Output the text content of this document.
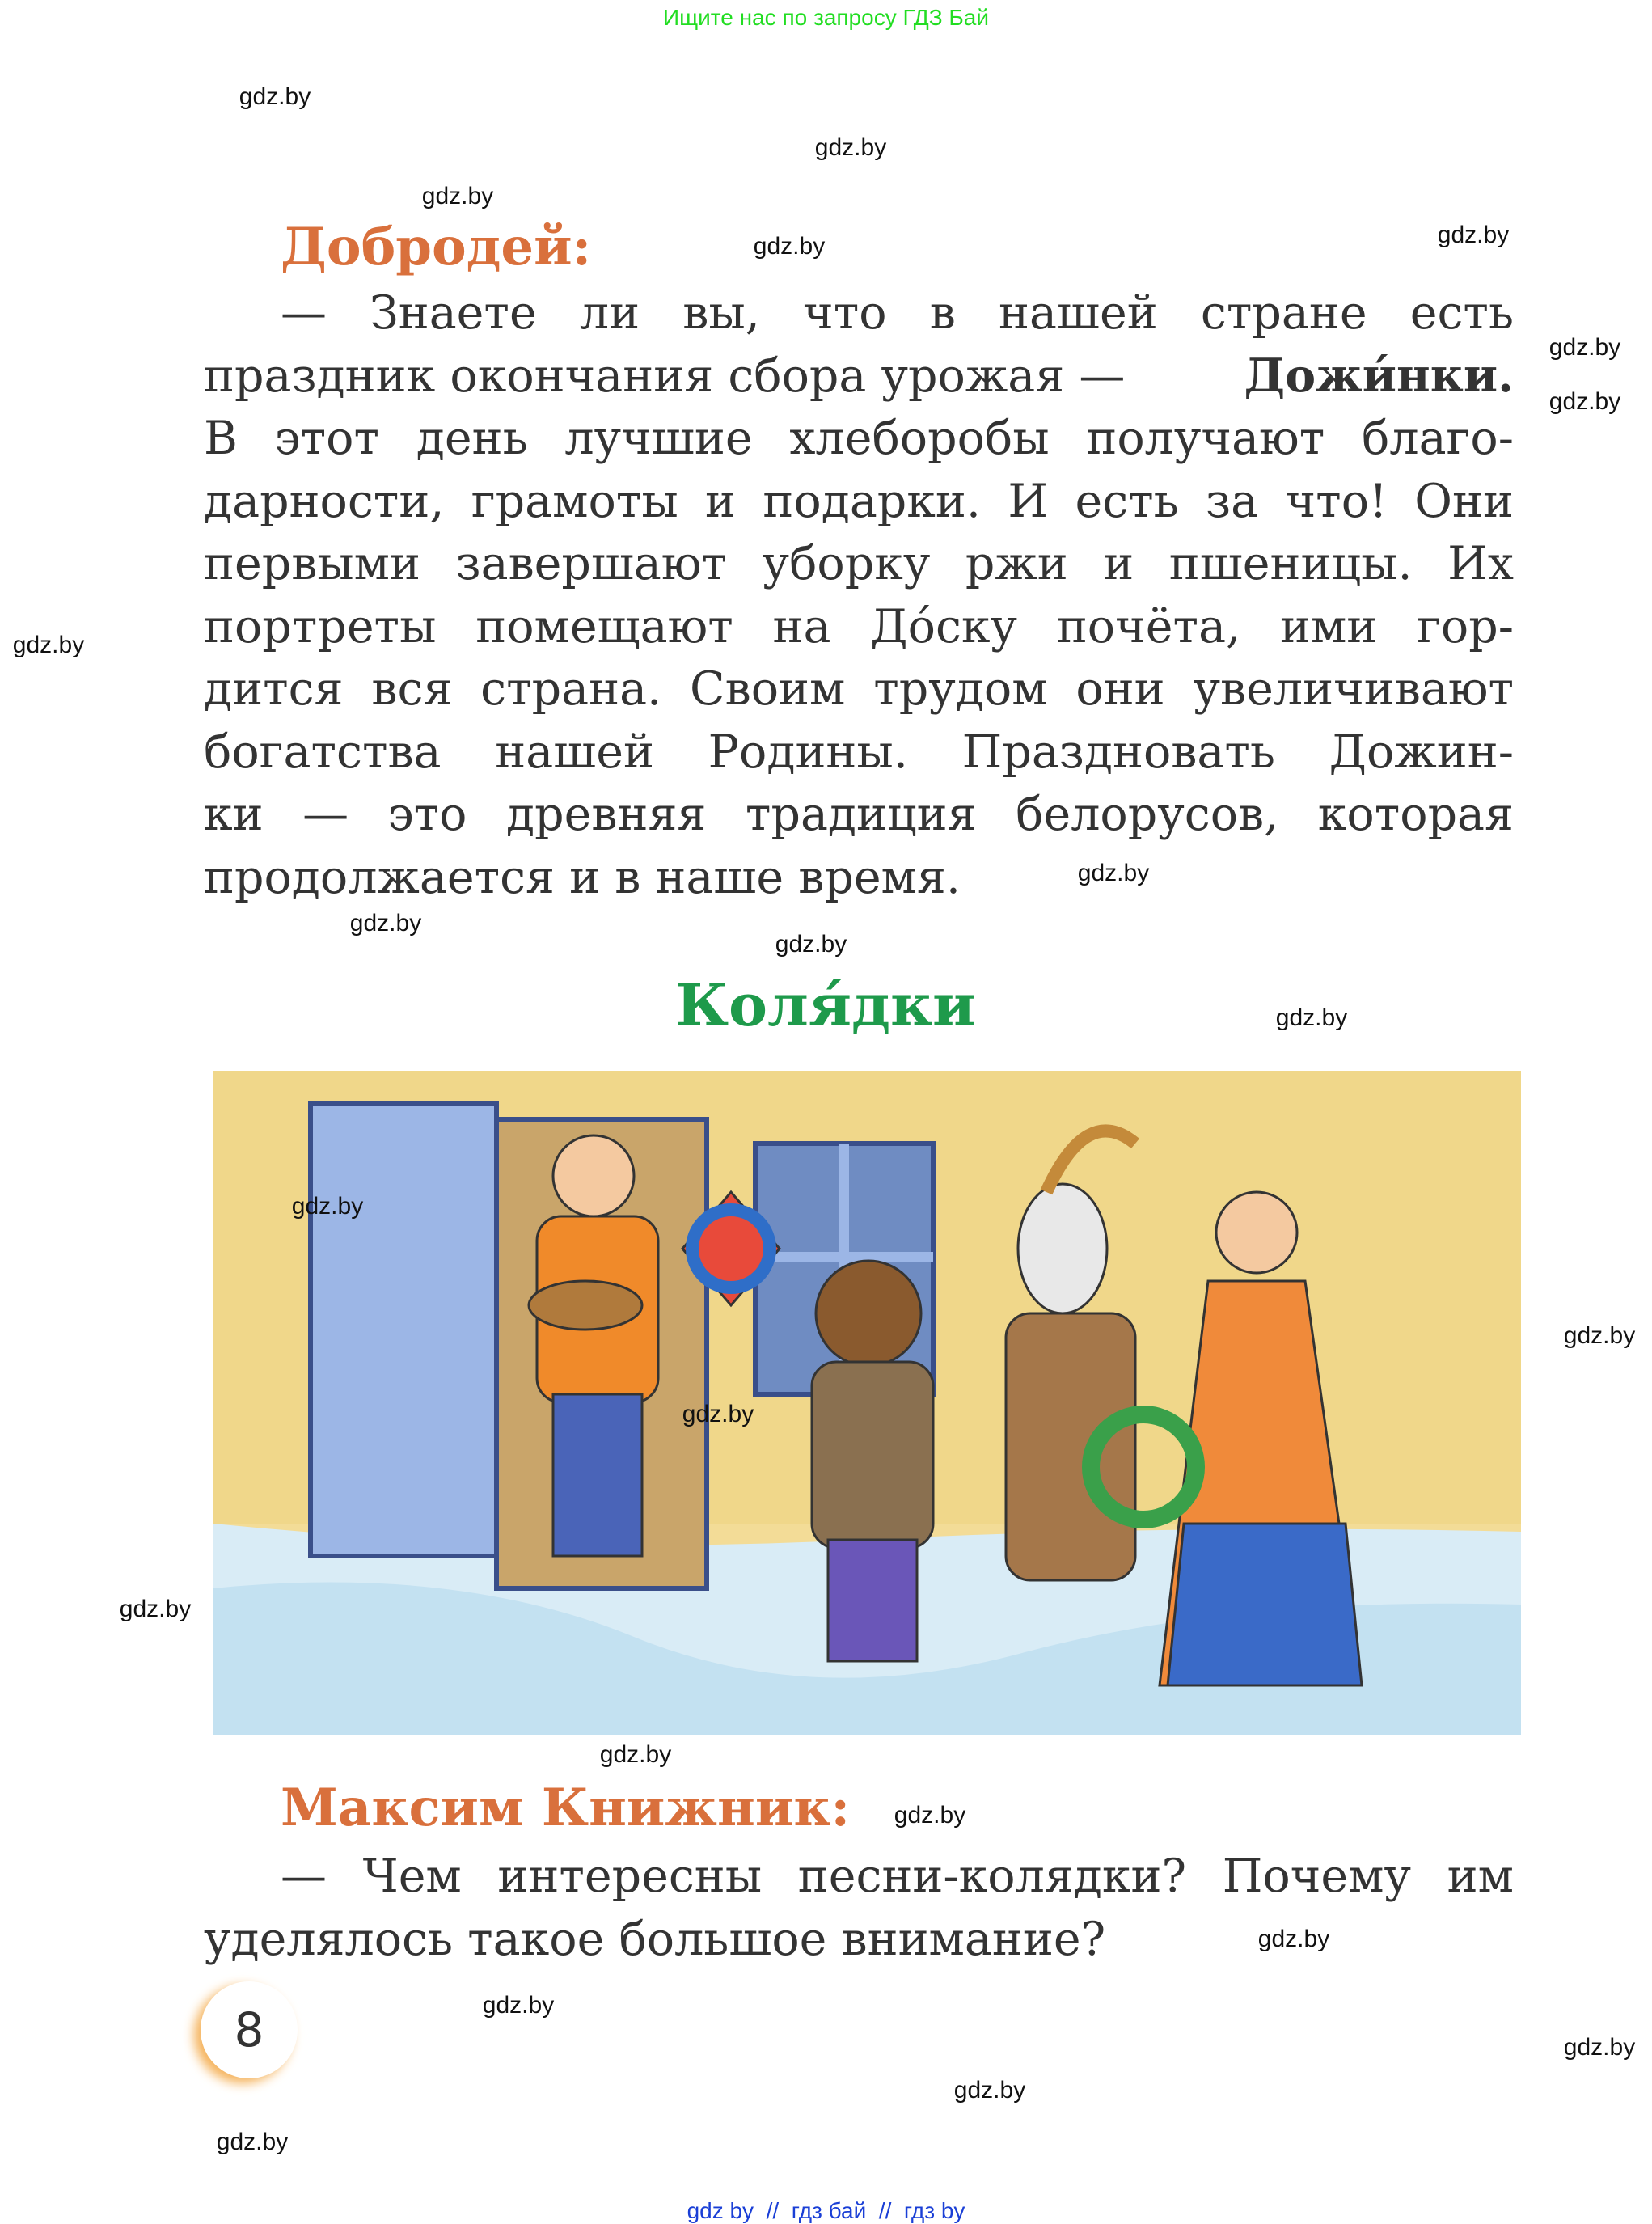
Ищите нас по запросу ГДЗ Бай
Добродей:
— Знаете ли вы, что в нашей стране есть
праздник окончания сбора урожая —	Дожи́нки.
В этот день лучшие хлеборобы получают благо-
дарности, грамоты и подарки. И есть за что! Они
первыми завершают уборку ржи и пшеницы. Их
портреты помещают на До́ску почёта, ими гор-
дится вся страна. Своим трудом они увеличивают
богатства нашей Родины. Праздновать Дожин-
ки — это древняя традиция белорусов, которая
продолжается и в наше время.
Коля́дки
Максим Книжник:
— Чем интересны песни-колядки? Почему им
уделялось такое большое внимание?
8
gdz.by
gdz.by
gdz.by
gdz.by
gdz.by
gdz.by
gdz.by
gdz.by
gdz.by
gdz.by
gdz.by
gdz.by
gdz.by
gdz.by
gdz.by
gdz.by
gdz.by
gdz.by
gdz.by
gdz.by
gdz.by
gdz.by
gdz.by
gdz by  //  гдз бай  //  гдз by
